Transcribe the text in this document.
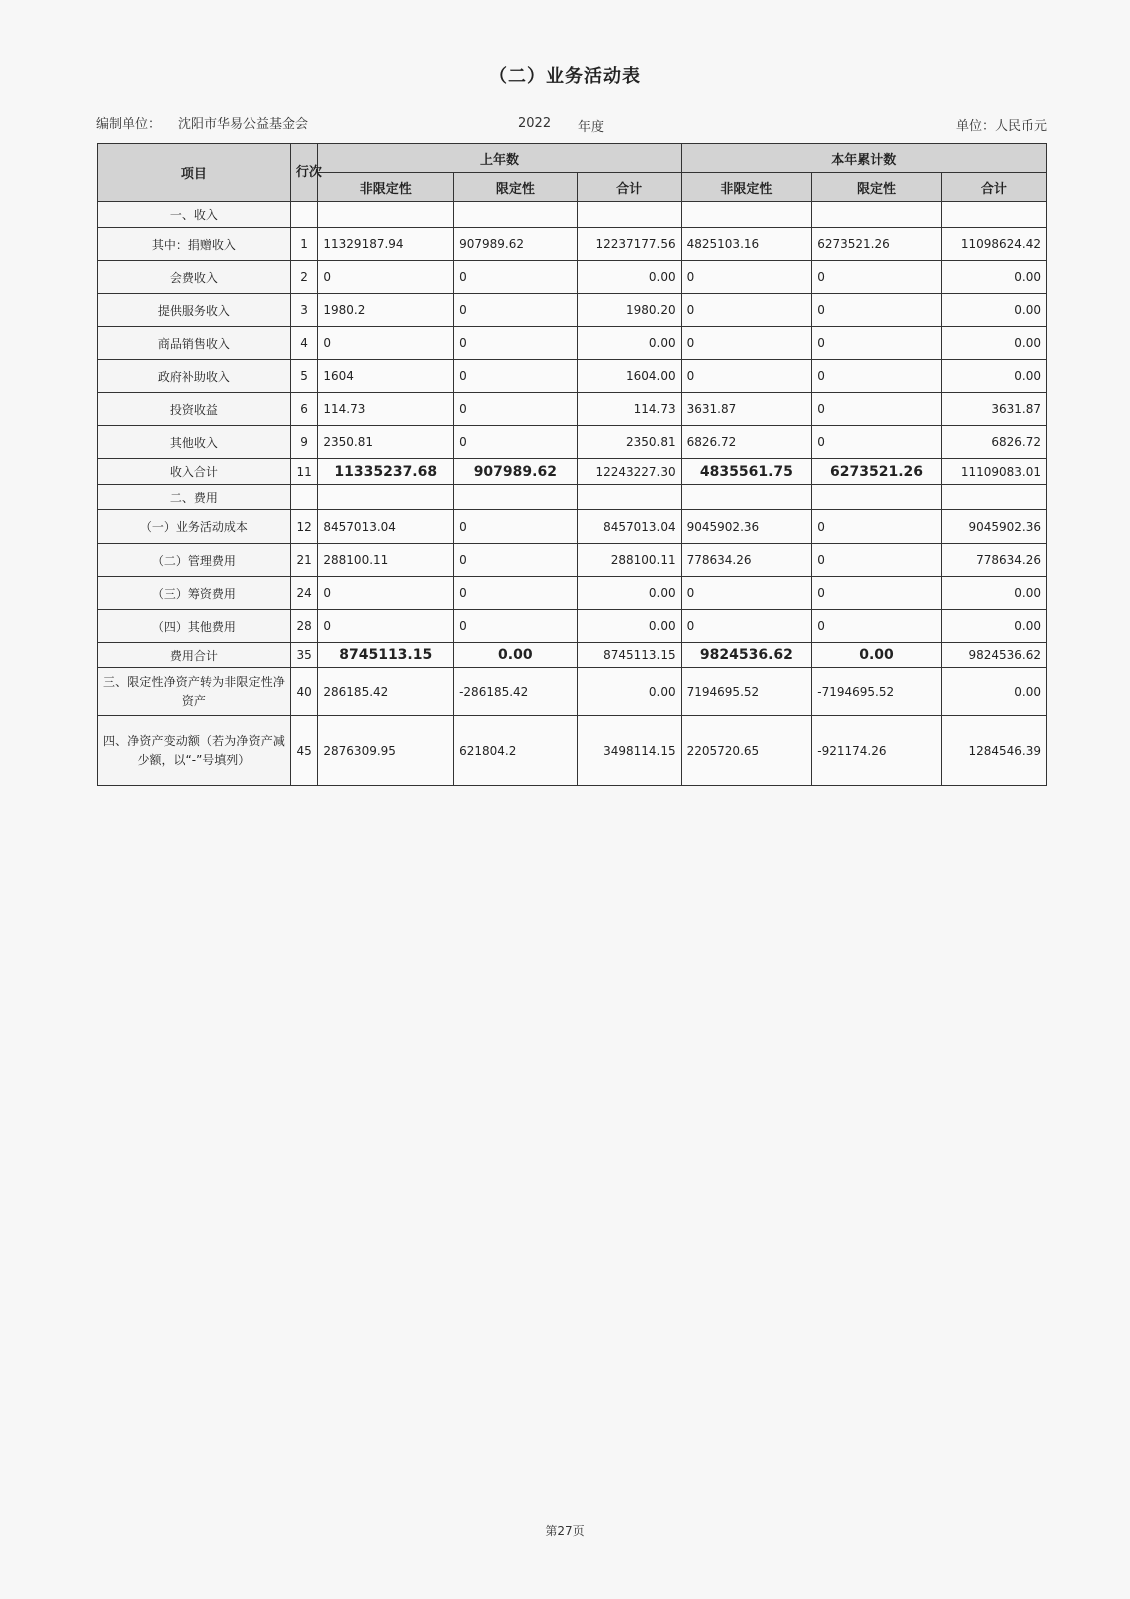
（二）业务活动表
编制单位： 沈阳市华易公益基金会	2022 年度	单位：人民币元
项目	行次	上年数			本年累计数		
		非限定性	限定性	合计	非限定性	限定性	合计
一、收入							
其中：捐赠收入	1	11329187.94	907989.62	12237177.56	4825103.16	6273521.26	11098624.42
会费收入	2	0	0	0.00	0	0	0.00
提供服务收入	3	1980.2	0	1980.20	0	0	0.00
商品销售收入	4	0	0	0.00	0	0	0.00
政府补助收入	5	1604	0	1604.00	0	0	0.00
投资收益	6	114.73	0	114.73	3631.87	0	3631.87
其他收入	9	2350.81	0	2350.81	6826.72	0	6826.72
收入合计	11	11335237.68	907989.62	12243227.30	4835561.75	6273521.26	11109083.01
二、费用							
（一）业务活动成本	12	8457013.04	0	8457013.04	9045902.36	0	9045902.36
（二）管理费用	21	288100.11	0	288100.11	778634.26	0	778634.26
（三）筹资费用	24	0	0	0.00	0	0	0.00
（四）其他费用	28	0	0	0.00	0	0	0.00
费用合计	35	8745113.15	0.00	8745113.15	9824536.62	0.00	9824536.62
三、限定性净资产转为非限定性净资产	40	286185.42	-286185.42	0.00	7194695.52	-7194695.52	0.00
四、净资产变动额（若为净资产减少额，以“-”号填列）	45	2876309.95	621804.2	3498114.15	2205720.65	-921174.26	1284546.39
第27页
